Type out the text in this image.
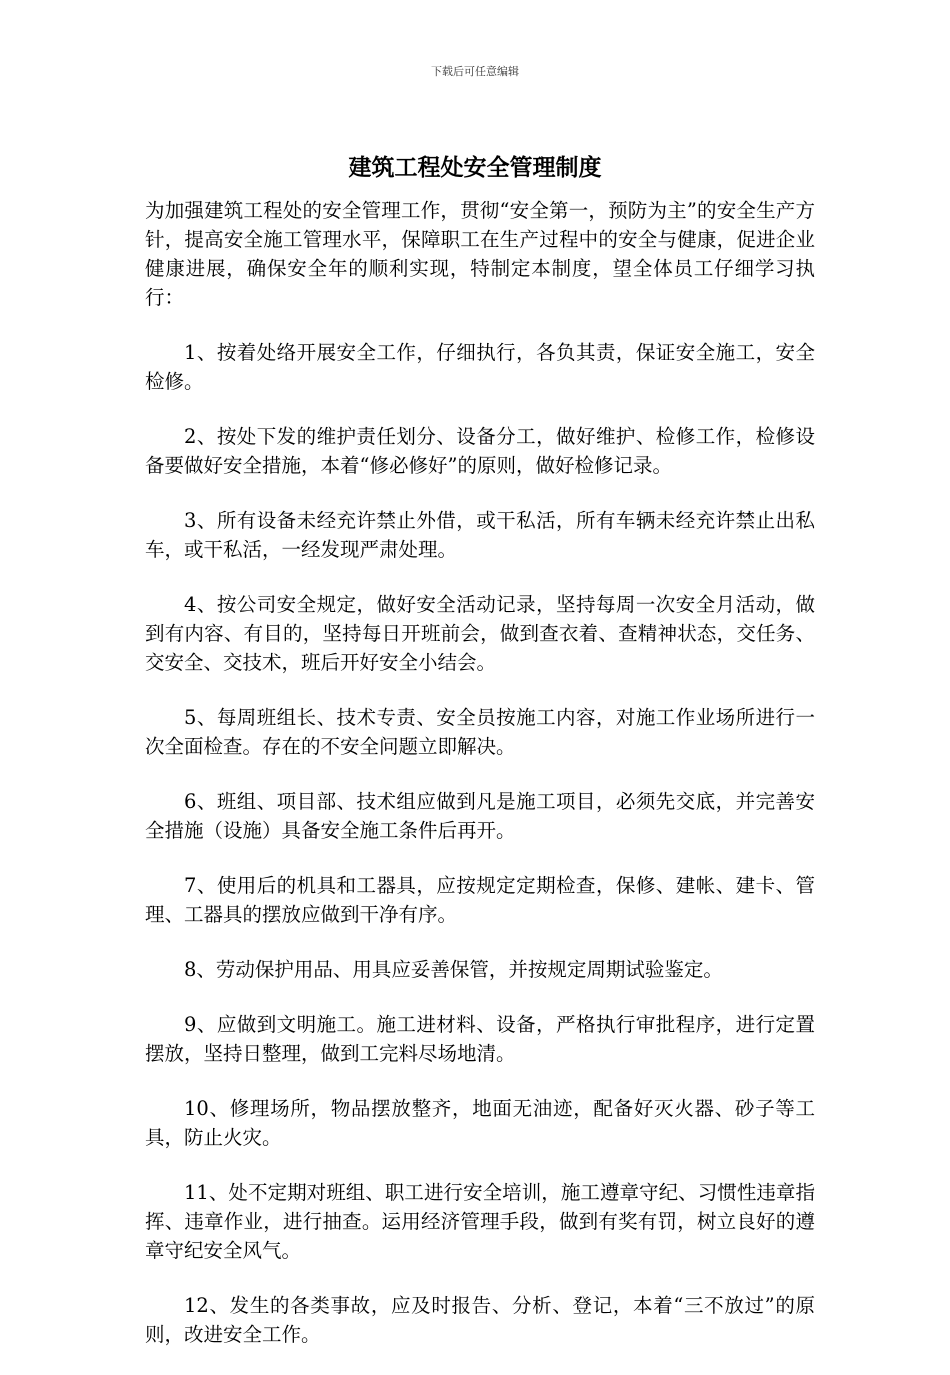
下载后可任意编辑
建筑工程处安全管理制度

为加强建筑工程处的安全管理工作，贯彻“安全第一，预防为主”的安全生产方针，提高安全施工管理水平，保障职工在生产过程中的安全与健康，促进企业健康进展，确保安全年的顺利实现，特制定本制度，望全体员工仔细学习执行：

1、按着处络开展安全工作，仔细执行，各负其责，保证安全施工，安全检修。

2、按处下发的维护责任划分、设备分工，做好维护、检修工作，检修设备要做好安全措施，本着“修必修好”的原则，做好检修记录。

3、所有设备未经充许禁止外借，或干私活，所有车辆未经充许禁止出私车，或干私活，一经发现严肃处理。

4、按公司安全规定，做好安全活动记录，坚持每周一次安全月活动，做到有内容、有目的，坚持每日开班前会，做到查衣着、查精神状态，交任务、交安全、交技术，班后开好安全小结会。

5、每周班组长、技术专责、安全员按施工内容，对施工作业场所进行一次全面检查。存在的不安全问题立即解决。

6、班组、项目部、技术组应做到凡是施工项目，必须先交底，并完善安全措施（设施）具备安全施工条件后再开。

7、使用后的机具和工器具，应按规定定期检查，保修、建帐、建卡、管理、工器具的摆放应做到干净有序。

8、劳动保护用品、用具应妥善保管，并按规定周期试验鉴定。

9、应做到文明施工。施工进材料、设备，严格执行审批程序，进行定置摆放，坚持日整理，做到工完料尽场地清。

10、修理场所，物品摆放整齐，地面无油迹，配备好灭火器、砂子等工具，防止火灾。

11、处不定期对班组、职工进行安全培训，施工遵章守纪、习惯性违章指挥、违章作业，进行抽查。运用经济管理手段，做到有奖有罚，树立良好的遵章守纪安全风气。

12、发生的各类事故，应及时报告、分析、登记，本着“三不放过”的原则，改进安全工作。
